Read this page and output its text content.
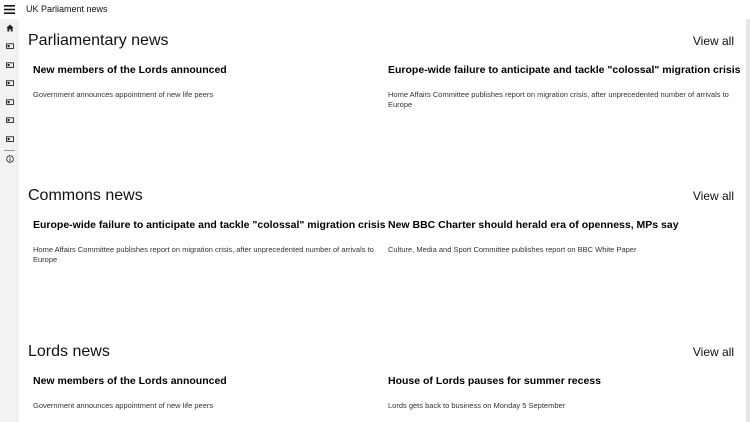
UK Parliament news
Parliamentary news	View all
New members of the Lords announced
Government announces appointment of new life peers
Europe-wide failure to anticipate and tackle "colossal" migration crisis
Home Affairs Committee publishes report on migration crisis, after unprecedented number of arrivals to Europe
Commons news	View all
Europe-wide failure to anticipate and tackle "colossal" migration crisis
Home Affairs Committee publishes report on migration crisis, after unprecedented number of arrivals to Europe
New BBC Charter should herald era of openness, MPs say
Culture, Media and Sport Committee publishes report on BBC White Paper
Lords news	View all
New members of the Lords announced
Government announces appointment of new life peers
House of Lords pauses for summer recess
Lords gets back to business on Monday 5 September
